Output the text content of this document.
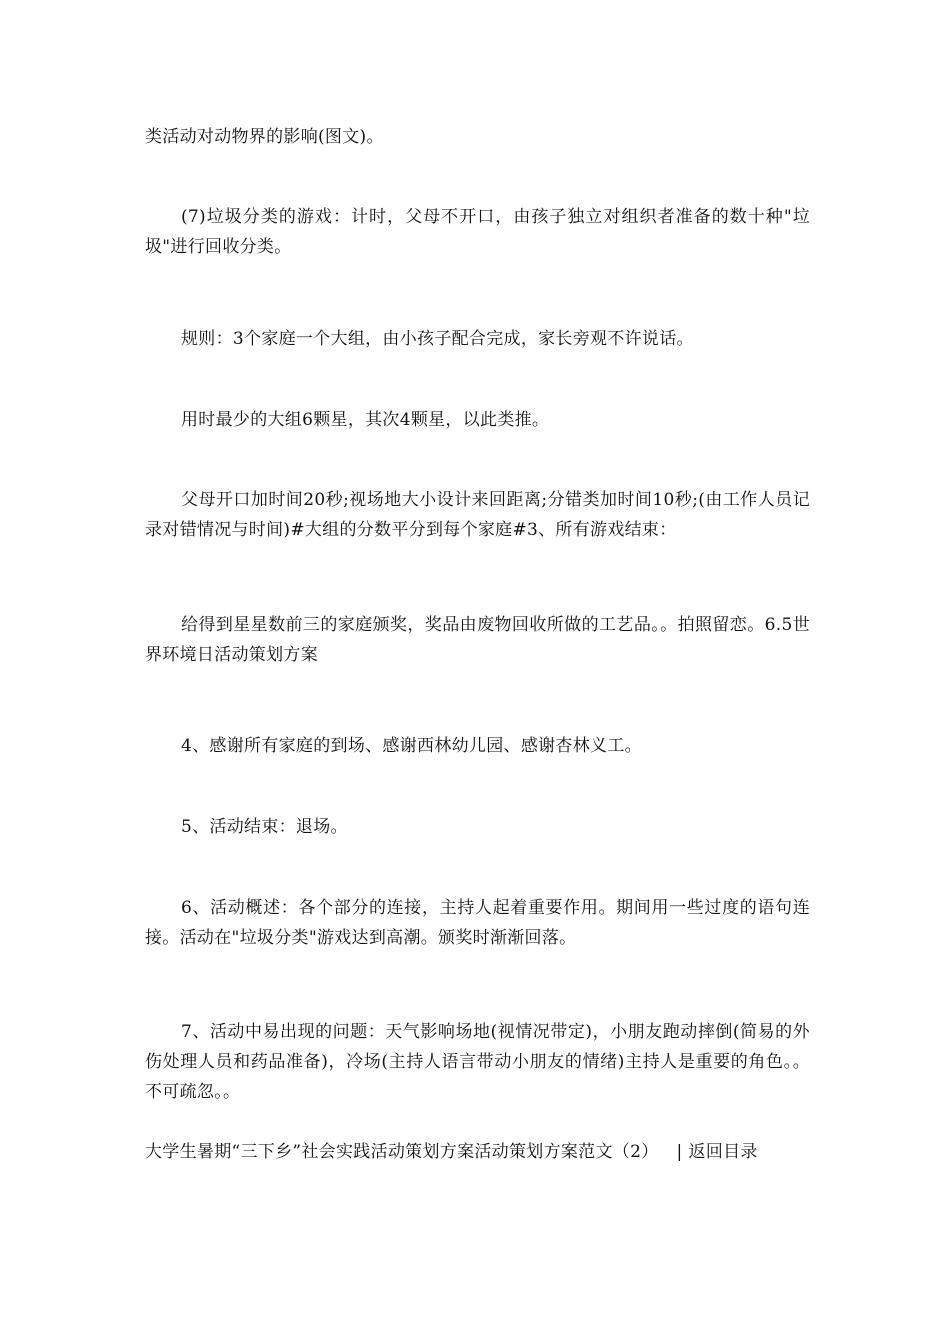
类活动对动物界的影响(图文)。
(7)垃圾分类的游戏：计时，父母不开口，由孩子独立对组织者准备的数十种"垃圾"进行回收分类。
规则：3个家庭一个大组，由小孩子配合完成，家长旁观不许说话。
用时最少的大组6颗星，其次4颗星，以此类推。
父母开口加时间20秒;视场地大小设计来回距离;分错类加时间10秒;(由工作人员记录对错情况与时间)#大组的分数平分到每个家庭#3、所有游戏结束：
给得到星星数前三的家庭颁奖，奖品由废物回收所做的工艺品。。拍照留恋。6.5世界环境日活动策划方案
4、感谢所有家庭的到场、感谢西林幼儿园、感谢杏林义工。
5、活动结束：退场。
6、活动概述：各个部分的连接，主持人起着重要作用。期间用一些过度的语句连接。活动在"垃圾分类"游戏达到高潮。颁奖时渐渐回落。
7、活动中易出现的问题：天气影响场地(视情况带定)，小朋友跑动摔倒(简易的外伤处理人员和药品准备)，冷场(主持人语言带动小朋友的情绪)主持人是重要的角色。。不可疏忽。。
大学生暑期“三下乡”社会实践活动策划方案活动策划方案范文（2） | 返回目录
